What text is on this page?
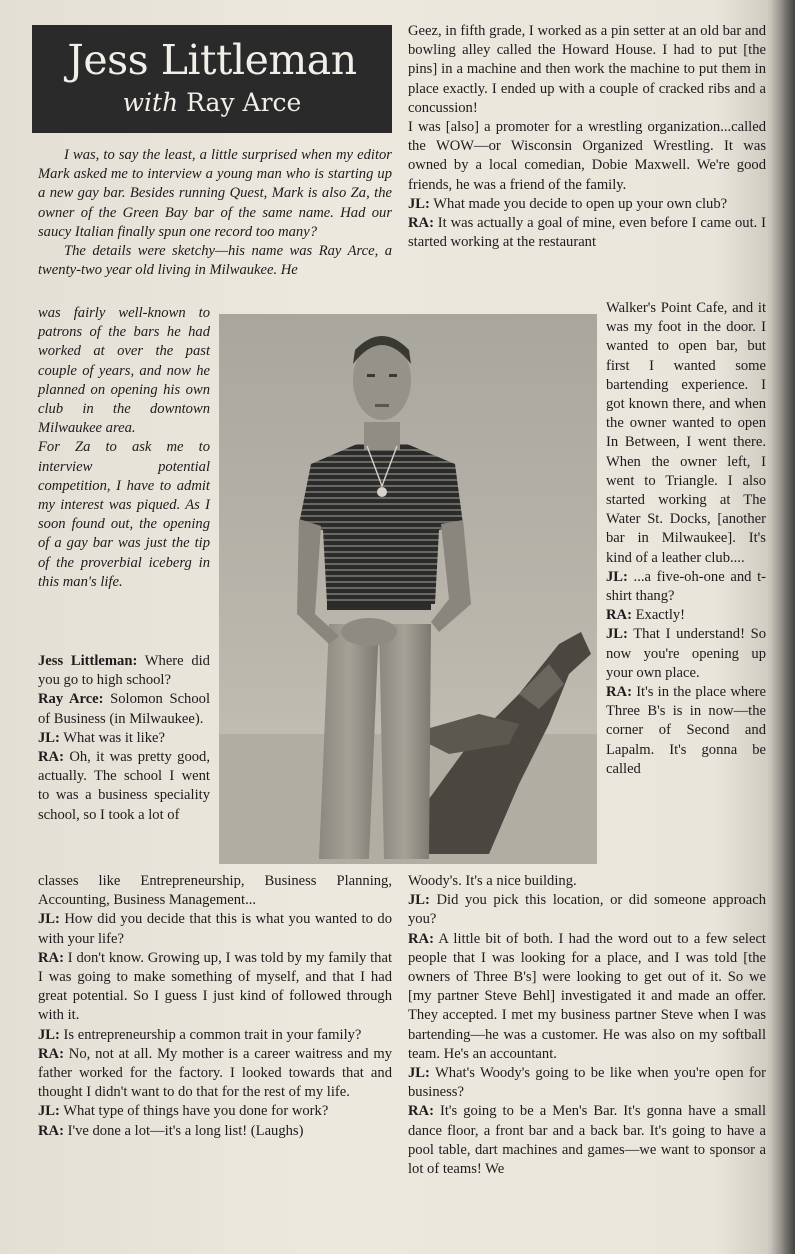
Jess Littleman
with Ray Arce

I was, to say the least, a little surprised when my editor Mark asked me to interview a young man who is starting up a new gay bar. Besides running Quest, Mark is also Za, the owner of the Green Bay bar of the same name. Had our saucy Italian finally spun one record too many?

The details were sketchy—his name was Ray Arce, a twenty-two year old living in Milwaukee. He

was fairly well-known to patrons of the bars he had worked at over the past couple of years, and now he planned on opening his own club in the downtown Milwaukee area.

For Za to ask me to interview potential competition, I have to admit my interest was piqued. As I soon found out, the opening of a gay bar was just the tip of the proverbial iceberg in this man's life.

Jess Littleman: Where did you go to high school?

Ray Arce: Solomon School of Business (in Milwaukee).

JL: What was it like?

RA: Oh, it was pretty good, actually. The school I went to was a business speciality school, so I took a lot of

classes like Entrepreneurship, Business Planning, Accounting, Business Management...

JL: How did you decide that this is what you wanted to do with your life?

RA: I don't know. Growing up, I was told by my family that I was going to make something of myself, and that I had great potential. So I guess I just kind of followed through with it.

JL: Is entrepreneurship a common trait in your family?

RA: No, not at all. My mother is a career waitress and my father worked for the factory. I looked towards that and thought I didn't want to do that for the rest of my life.

JL: What type of things have you done for work?

RA: I've done a lot—it's a long list! (Laughs)

Geez, in fifth grade, I worked as a pin setter at an old bar and bowling alley called the Howard House. I had to put [the pins] in a machine and then work the machine to put them in place exactly. I ended up with a couple of cracked ribs and a concussion!

I was [also] a promoter for a wrestling organization...called the WOW—or Wisconsin Organized Wrestling. It was owned by a local comedian, Dobie Maxwell. We're good friends, he was a friend of the family.

JL: What made you decide to open up your own club?

RA: It was actually a goal of mine, even before I came out. I started working at the restaurant

Walker's Point Cafe, and it was my foot in the door. I wanted to open bar, but first I wanted some bartending experience. I got known there, and when the owner wanted to open In Between, I went there. When the owner left, I went to Triangle. I also started working at The Water St. Docks, [another bar in Milwaukee]. It's kind of a leather club....

JL: ...a five-oh-one and t-shirt thang?

RA: Exactly!

JL: That I understand! So now you're opening up your own place.

RA: It's in the place where Three B's is in now—the corner of Second and Lapalm. It's gonna be called

Woody's. It's a nice building.

JL: Did you pick this location, or did someone approach you?

RA: A little bit of both. I had the word out to a few select people that I was looking for a place, and I was told [the owners of Three B's] were looking to get out of it. So we [my partner Steve Behl] investigated it and made an offer. They accepted. I met my business partner Steve when I was bartending—he was a customer. He was also on my softball team. He's an accountant.

JL: What's Woody's going to be like when you're open for business?

RA: It's going to be a Men's Bar. It's gonna have a small dance floor, a front bar and a back bar. It's going to have a pool table, dart machines and games—we want to sponsor a lot of teams! We
